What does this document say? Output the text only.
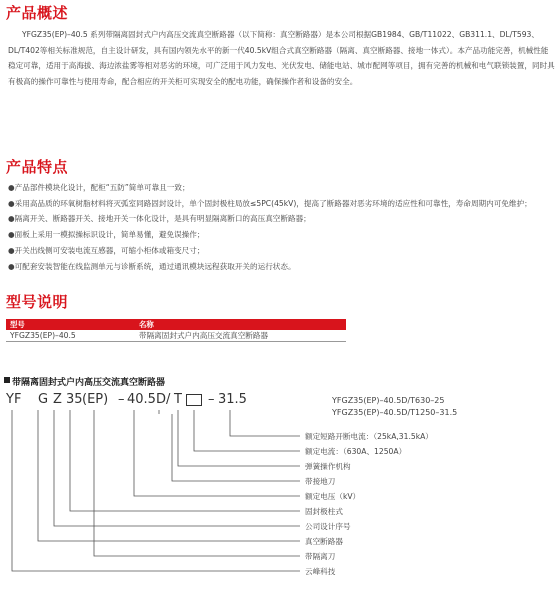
产品概述
YFGZ35(EP)–40.5 系列带隔离固封式户内高压交流真空断路器（以下简称：真空断路器）是本公司根据GB1984、GB/T11022、GB311.1、DL/T593、DL/T402等相关标准规范，自主设计研发，具有国内领先水平的新一代40.5kV组合式真空断路器（隔离、真空断路器、接地一体式）。本产品功能完善，机械性能稳定可靠，适用于高海拔、海边浓盐雾等相对恶劣的环境，可广泛用于风力发电、光伏发电、储能电站、城市配网等项目，拥有完善的机械和电气联锁装置，同时具有极高的操作可靠性与使用寿命，配合相应的开关柜可实现安全的配电功能，确保操作者和设备的安全。
产品特点
●产品部件模块化设计，配柜“五防”简单可靠且一致；
●采用高品质的环氧树脂材料将灭弧室同路固封设计，单个固封极柱局放≤5PC(45kV)，提高了断路器对恶劣环境的适应性和可靠性，寿命周期内可免维护；
●隔离开关、断路器开关、接地开关一体化设计，是具有明显隔离断口的高压真空断路器；
●面板上采用一模拟操标识设计，简单易懂，避免误操作；
●开关出线侧可安装电流互感器，可缩小柜体或箱变尺寸；
●可配套安装智能在线监测单元与诊断系统，通过通讯模块远程获取开关的运行状态。
型号说明
型号	名称
YFGZ35(EP)–40.5	带隔离固封式户内高压交流真空断路器
带隔离固封式户内高压交流真空断路器
YF G Z 35 (EP) – 40.5 D / T – 31.5	YFGZ35(EP)–40.5D/T630–25
YFGZ35(EP)–40.5D/T1250–31.5
额定短路开断电流：（25kA,31.5kA）
额定电流：（630A、1250A）
弹簧操作机构
带接地刀
额定电压（kV）
固封极柱式
公司设计序号
真空断路器
带隔离刀
云峰科技
